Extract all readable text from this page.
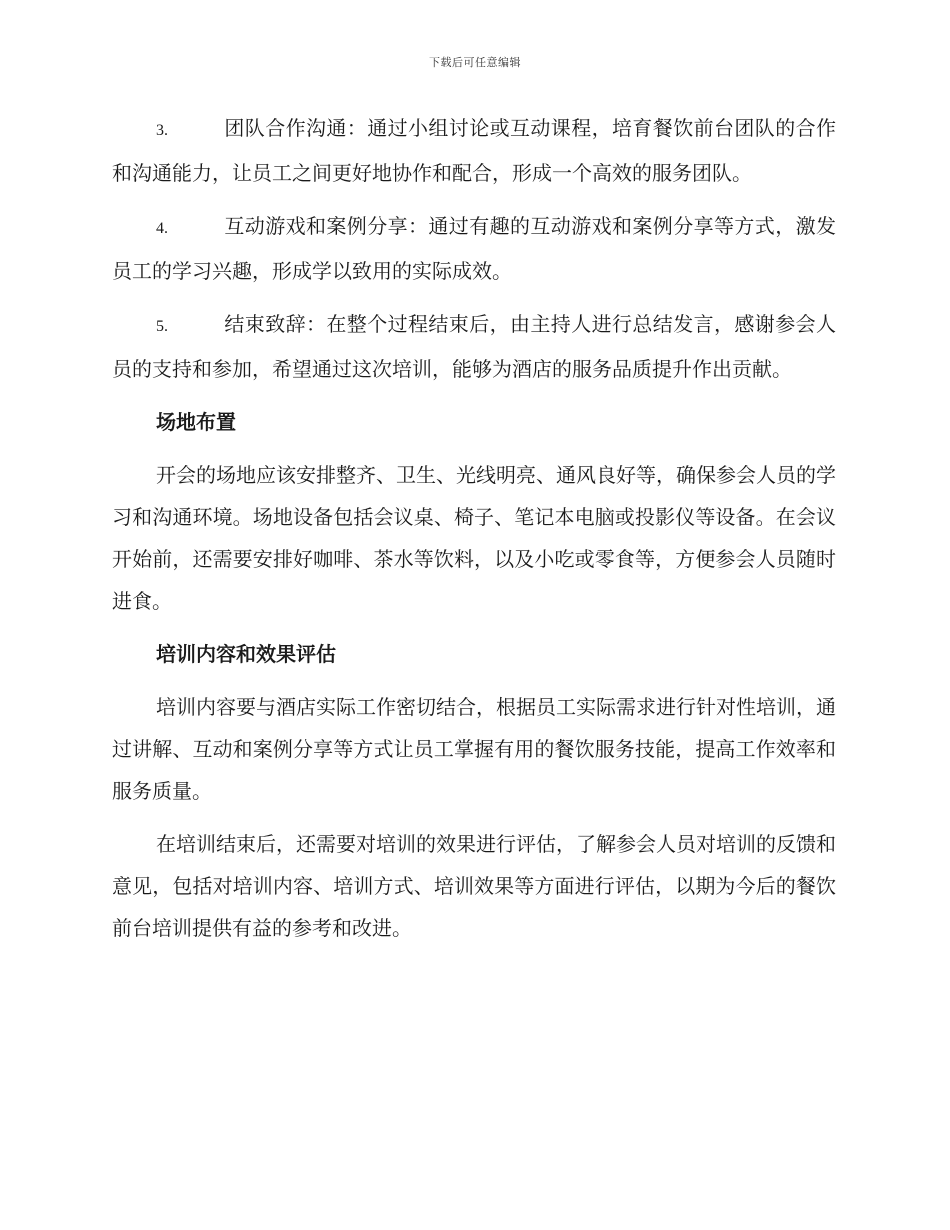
下载后可任意编辑

3.	团队合作沟通：通过小组讨论或互动课程，培育餐饮前台团队的合作和沟通能力，让员工之间更好地协作和配合，形成一个高效的服务团队。

4.	互动游戏和案例分享：通过有趣的互动游戏和案例分享等方式，激发员工的学习兴趣，形成学以致用的实际成效。

5.	结束致辞：在整个过程结束后，由主持人进行总结发言，感谢参会人员的支持和参加，希望通过这次培训，能够为酒店的服务品质提升作出贡献。

场地布置

开会的场地应该安排整齐、卫生、光线明亮、通风良好等，确保参会人员的学习和沟通环境。场地设备包括会议桌、椅子、笔记本电脑或投影仪等设备。在会议开始前，还需要安排好咖啡、茶水等饮料，以及小吃或零食等，方便参会人员随时进食。

培训内容和效果评估

培训内容要与酒店实际工作密切结合，根据员工实际需求进行针对性培训，通过讲解、互动和案例分享等方式让员工掌握有用的餐饮服务技能，提高工作效率和服务质量。

在培训结束后，还需要对培训的效果进行评估，了解参会人员对培训的反馈和意见，包括对培训内容、培训方式、培训效果等方面进行评估，以期为今后的餐饮前台培训提供有益的参考和改进。
